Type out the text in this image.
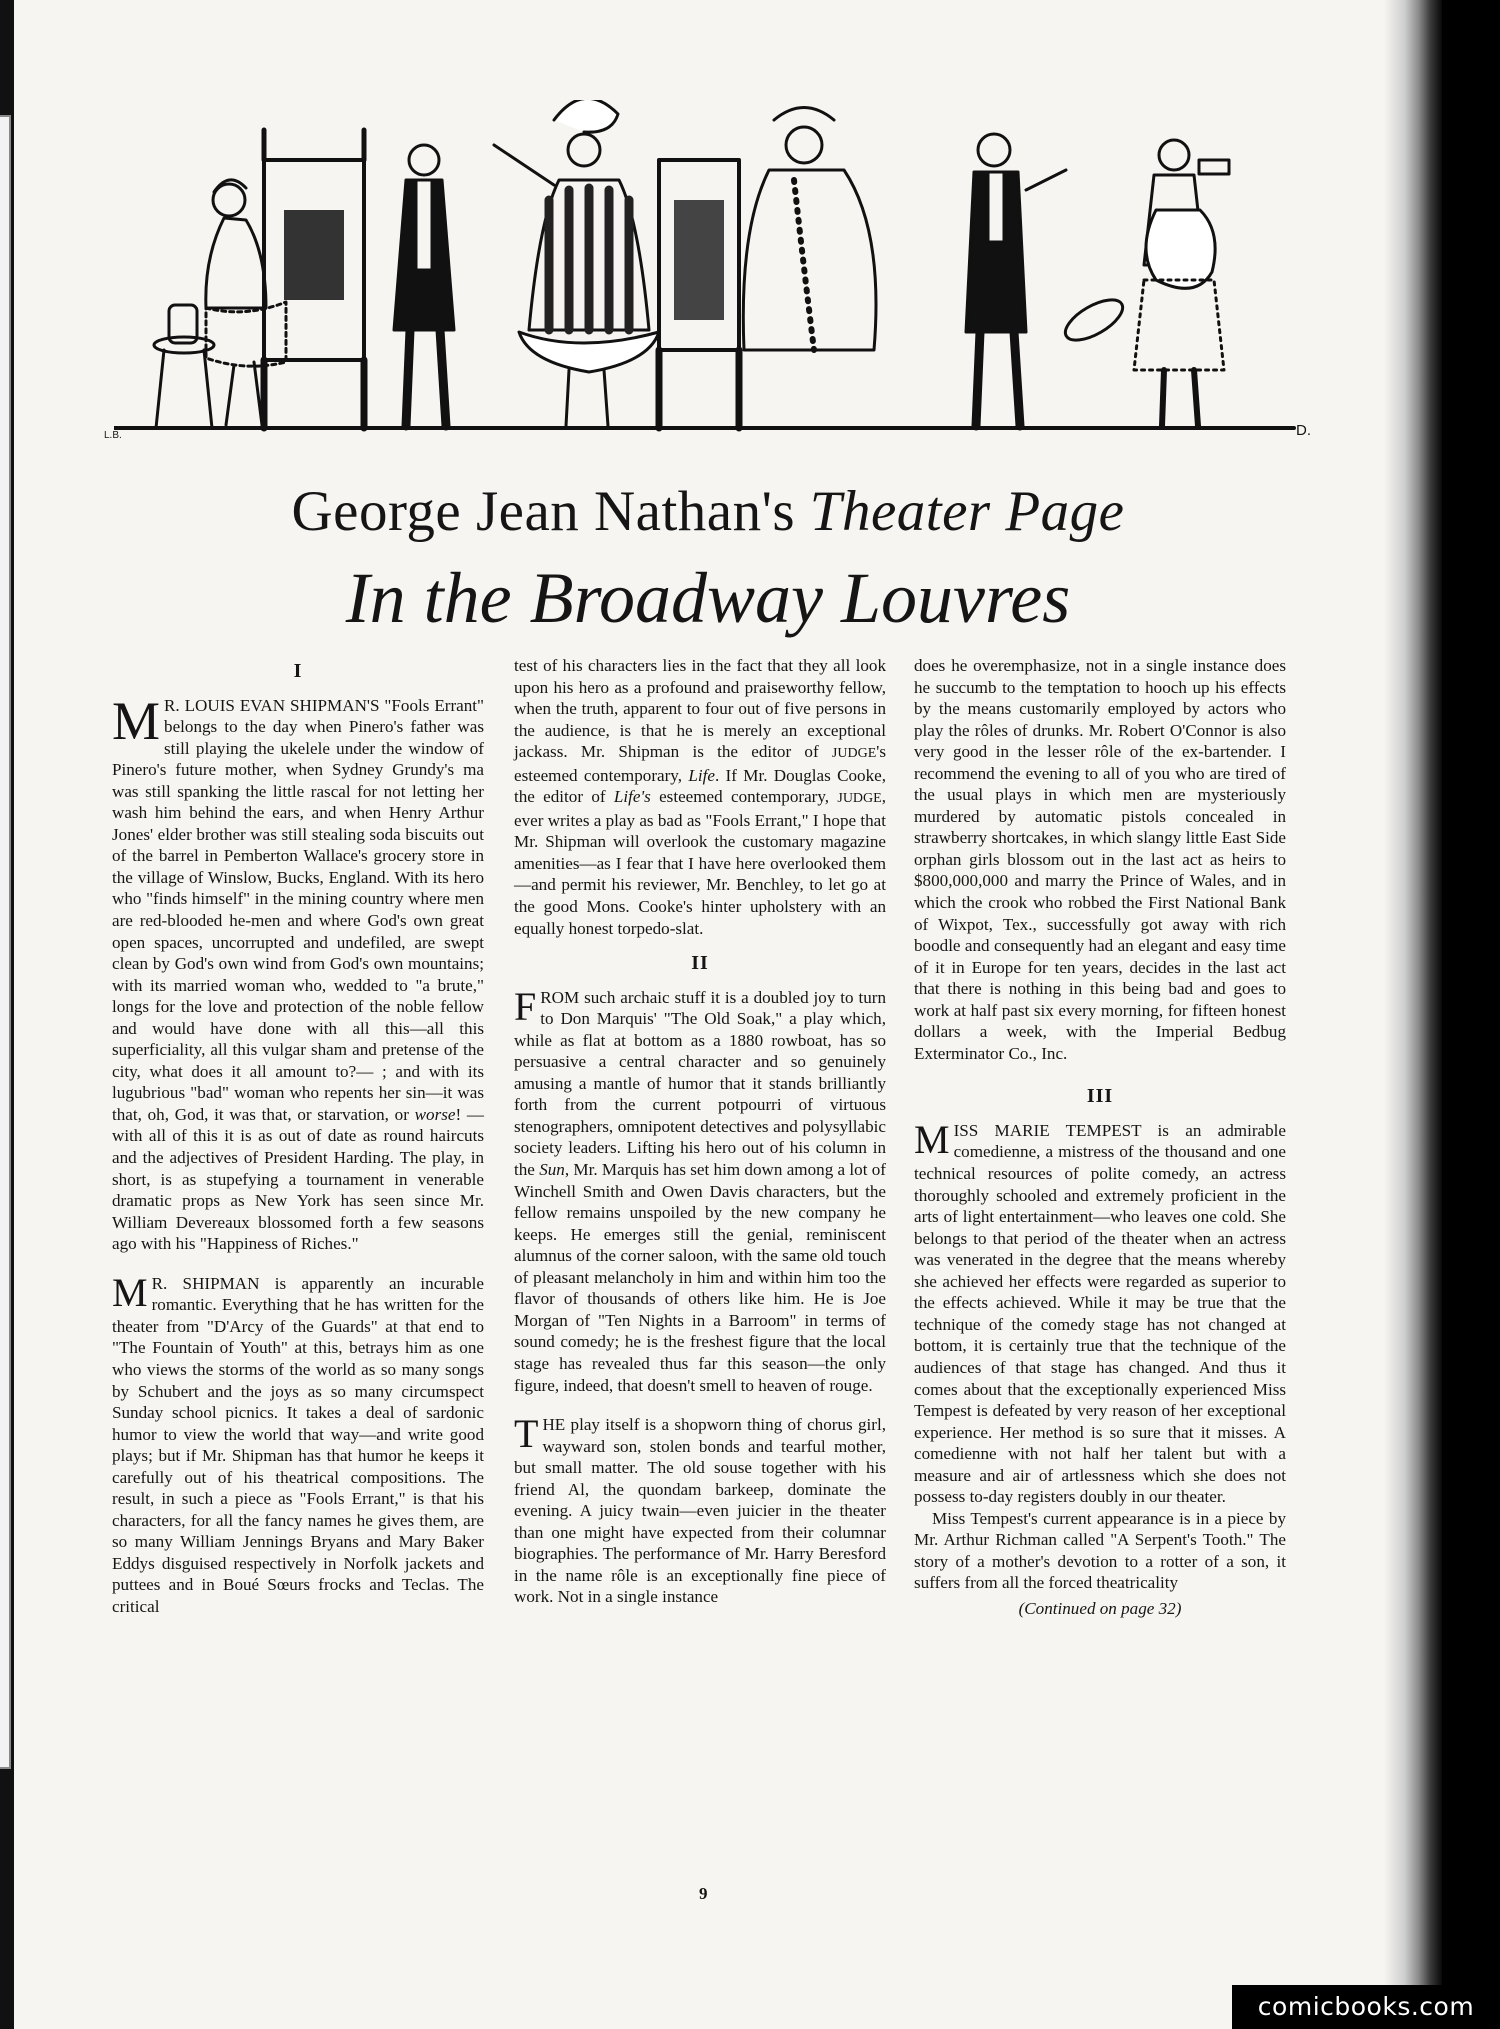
L.B.	D.
George Jean Nathan's Theater Page
In the Broadway Louvres
I

M R. LOUIS EVAN SHIPMAN'S "Fools Errant" belongs to the day when Pinero's father was still playing the ukelele under the window of Pinero's future mother, when Sydney Grundy's ma was still spanking the little rascal for not letting her wash him behind the ears, and when Henry Arthur Jones' elder brother was still stealing soda biscuits out of the barrel in Pemberton Wallace's grocery store in the village of Winslow, Bucks, England. With its hero who "finds himself" in the mining country where men are red-blooded he-men and where God's own great open spaces, uncorrupted and undefiled, are swept clean by God's own wind from God's own mountains; with its married woman who, wedded to "a brute," longs for the love and protection of the noble fellow and would have done with all this—all this superficiality, all this vulgar sham and pretense of the city, what does it all amount to?— ; and with its lugubrious "bad" woman who repents her sin—it was that, oh, God, it was that, or starvation, or worse! — with all of this it is as out of date as round haircuts and the adjectives of President Harding. The play, in short, is as stupefying a tournament in venerable dramatic props as New York has seen since Mr. William Devereaux blossomed forth a few seasons ago with his "Happiness of Riches."

M R. SHIPMAN is apparently an incurable romantic. Everything that he has written for the theater from "D'Arcy of the Guards" at that end to "The Fountain of Youth" at this, betrays him as one who views the storms of the world as so many songs by Schubert and the joys as so many circumspect Sunday school picnics. It takes a deal of sardonic humor to view the world that way—and write good plays; but if Mr. Shipman has that humor he keeps it carefully out of his theatrical compositions. The result, in such a piece as "Fools Errant," is that his characters, for all the fancy names he gives them, are so many William Jennings Bryans and Mary Baker Eddys disguised respectively in Norfolk jackets and puttees and in Boué Sœurs frocks and Teclas. The critical

test of his characters lies in the fact that they all look upon his hero as a profound and praiseworthy fellow, when the truth, apparent to four out of five persons in the audience, is that he is merely an exceptional jackass. Mr. Shipman is the editor of JUDGE's esteemed contemporary, Life. If Mr. Douglas Cooke, the editor of Life's esteemed contemporary, JUDGE, ever writes a play as bad as "Fools Errant," I hope that Mr. Shipman will overlook the customary magazine amenities—as I fear that I have here overlooked them—and permit his reviewer, Mr. Benchley, to let go at the good Mons. Cooke's hinter upholstery with an equally honest torpedo-slat.

II

FROM such archaic stuff it is a doubled joy to turn to Don Marquis' "The Old Soak," a play which, while as flat at bottom as a 1880 rowboat, has so persuasive a central character and so genuinely amusing a mantle of humor that it stands brilliantly forth from the current potpourri of virtuous stenographers, omnipotent detectives and polysyllabic society leaders. Lifting his hero out of his column in the Sun, Mr. Marquis has set him down among a lot of Winchell Smith and Owen Davis characters, but the fellow remains unspoiled by the new company he keeps. He emerges still the genial, reminiscent alumnus of the corner saloon, with the same old touch of pleasant melancholy in him and within him too the flavor of thousands of others like him. He is Joe Morgan of "Ten Nights in a Barroom" in terms of sound comedy; he is the freshest figure that the local stage has revealed thus far this season—the only figure, indeed, that doesn't smell to heaven of rouge.

THE play itself is a shopworn thing of chorus girl, wayward son, stolen bonds and tearful mother, but small matter. The old souse together with his friend Al, the quondam barkeep, dominate the evening. A juicy twain—even juicier in the theater than one might have expected from their columnar biographies. The performance of Mr. Harry Beresford in the name rôle is an exceptionally fine piece of work. Not in a single instance

does he overemphasize, not in a single instance does he succumb to the temptation to hooch up his effects by the means customarily employed by actors who play the rôles of drunks. Mr. Robert O'Connor is also very good in the lesser rôle of the ex-bartender. I recommend the evening to all of you who are tired of the usual plays in which men are mysteriously murdered by automatic pistols concealed in strawberry shortcakes, in which slangy little East Side orphan girls blossom out in the last act as heirs to $800,000,000 and marry the Prince of Wales, and in which the crook who robbed the First National Bank of Wixpot, Tex., successfully got away with rich boodle and consequently had an elegant and easy time of it in Europe for ten years, decides in the last act that there is nothing in this being bad and goes to work at half past six every morning, for fifteen honest dollars a week, with the Imperial Bedbug Exterminator Co., Inc.

III

MISS MARIE TEMPEST is an admirable comedienne, a mistress of the thousand and one technical resources of polite comedy, an actress thoroughly schooled and extremely proficient in the arts of light entertainment—who leaves one cold. She belongs to that period of the theater when an actress was venerated in the degree that the means whereby she achieved her effects were regarded as superior to the effects achieved. While it may be true that the technique of the comedy stage has not changed at bottom, it is certainly true that the technique of the audiences of that stage has changed. And thus it comes about that the exceptionally experienced Miss Tempest is defeated by very reason of her exceptional experience. Her method is so sure that it misses. A comedienne with not half her talent but with a measure and air of artlessness which she does not possess to-day registers doubly in our theater.

Miss Tempest's current appearance is in a piece by Mr. Arthur Richman called "A Serpent's Tooth." The story of a mother's devotion to a rotter of a son, it suffers from all the forced theatricality

(Continued on page 32)
9
comicbooks.com
